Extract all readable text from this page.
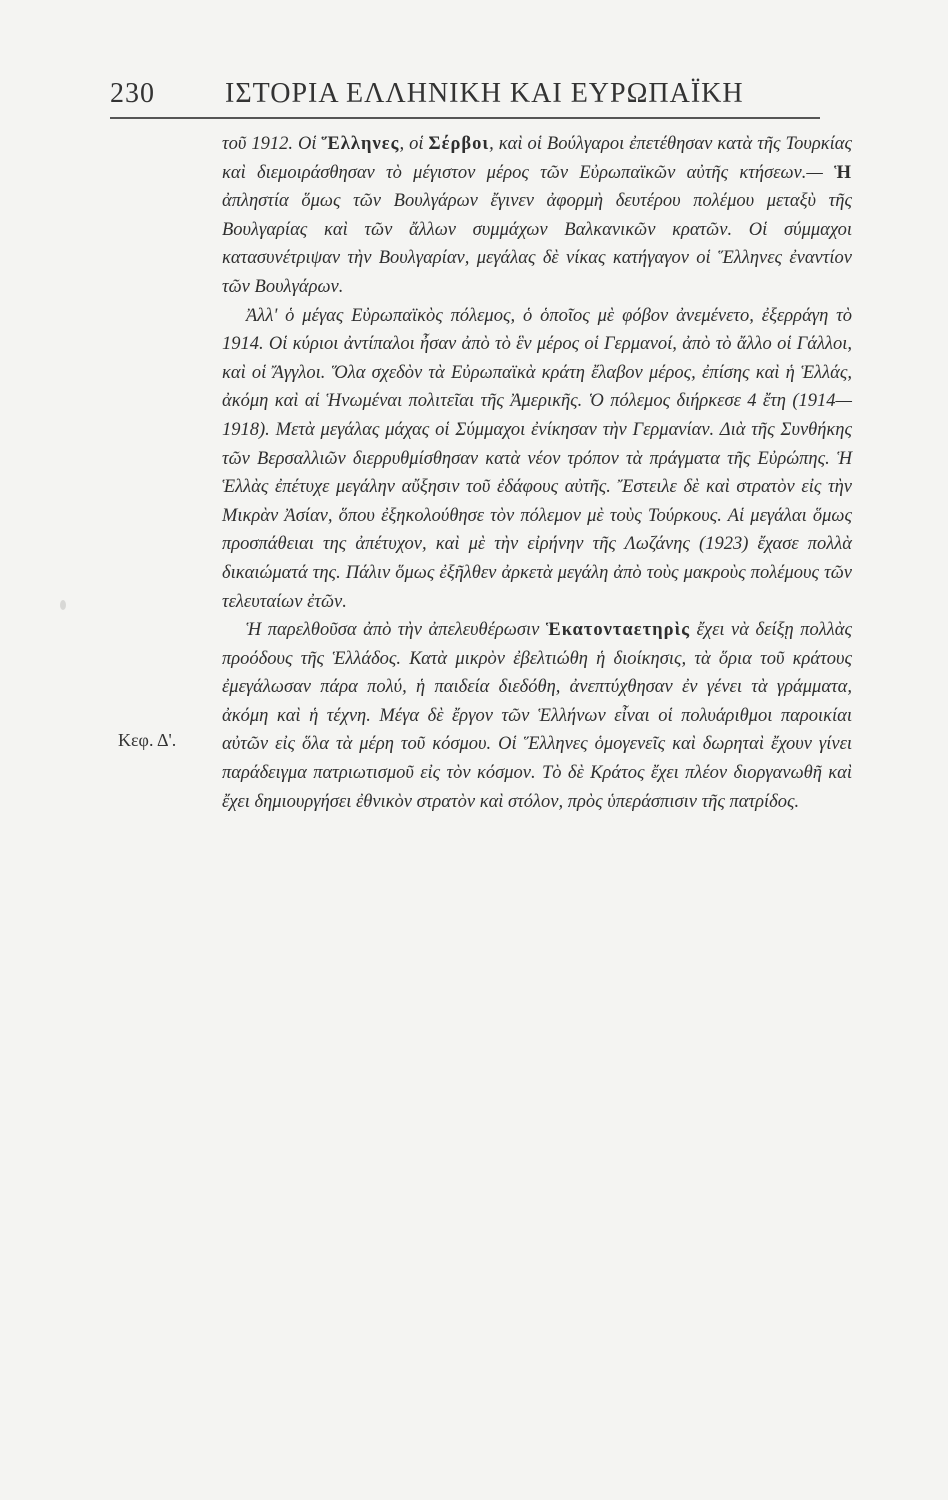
230	ΙΣΤΟΡΙΑ ΕΛΛΗΝΙΚΗ ΚΑΙ ΕΥΡΩΠΑΪΚΗ
Κεφ. Δ'.

τοῦ 1912. Οἱ Ἕλληνες, οἱ Σέρβοι, καὶ οἱ Βούλγαροι ἐπετέθησαν κατὰ τῆς Τουρκίας καὶ διεμοιράσθησαν τὸ μέγιστον μέρος τῶν Εὐρωπαϊκῶν αὐτῆς κτήσεων.— Ἡ ἀπληστία ὅμως τῶν Βουλγάρων ἔγινεν ἀφορμὴ δευτέρου πολέμου μεταξὺ τῆς Βουλγαρίας καὶ τῶν ἄλλων συμμάχων Βαλκανικῶν κρατῶν. Οἱ σύμμαχοι κατασυνέτριψαν τὴν Βουλγαρίαν, μεγάλας δὲ νίκας κατήγαγον οἱ Ἕλληνες ἐναντίον τῶν Βουλγάρων.

Ἀλλ' ὁ μέγας Εὐρωπαϊκὸς πόλεμος, ὁ ὁποῖος μὲ φόβον ἀνεμένετο, ἐξερράγη τὸ 1914. Οἱ κύριοι ἀντίπαλοι ἦσαν ἀπὸ τὸ ἓν μέρος οἱ Γερμανοί, ἀπὸ τὸ ἄλλο οἱ Γάλλοι, καὶ οἱ Ἄγγλοι. Ὅλα σχεδὸν τὰ Εὐρωπαϊκὰ κράτη ἔλαβον μέρος, ἐπίσης καὶ ἡ Ἑλλάς, ἀκόμη καὶ αἱ Ἡνωμέναι πολιτεῖαι τῆς Ἀμερικῆς. Ὁ πόλεμος διήρκεσε 4 ἔτη (1914—1918). Μετὰ μεγάλας μάχας οἱ Σύμμαχοι ἐνίκησαν τὴν Γερμανίαν. Διὰ τῆς Συνθήκης τῶν Βερσαλλιῶν διερρυθμίσθησαν κατὰ νέον τρόπον τὰ πράγματα τῆς Εὐρώπης. Ἡ Ἑλλὰς ἐπέτυχε μεγάλην αὔξησιν τοῦ ἐδάφους αὐτῆς. Ἔστειλε δὲ καὶ στρατὸν εἰς τὴν Μικρὰν Ἀσίαν, ὅπου ἐξηκολούθησε τὸν πόλεμον μὲ τοὺς Τούρκους. Αἱ μεγάλαι ὅμως προσπάθειαι της ἀπέτυχον, καὶ μὲ τὴν εἰρήνην τῆς Λωζάνης (1923) ἔχασε πολλὰ δικαιώματά της. Πάλιν ὅμως ἐξῆλθεν ἀρκετὰ μεγάλη ἀπὸ τοὺς μακροὺς πολέμους τῶν τελευταίων ἐτῶν.

Ἡ παρελθοῦσα ἀπὸ τὴν ἀπελευθέρωσιν Ἑκατονταετηρὶς ἔχει νὰ δείξῃ πολλὰς προόδους τῆς Ἑλλάδος. Κατὰ μικρὸν ἐβελτιώθη ἡ διοίκησις, τὰ ὅρια τοῦ κράτους ἐμεγάλωσαν πάρα πολύ, ἡ παιδεία διεδόθη, ἀνεπτύχθησαν ἐν γένει τὰ γράμματα, ἀκόμη καὶ ἡ τέχνη. Μέγα δὲ ἔργον τῶν Ἑλλήνων εἶναι οἱ πολυάριθμοι παροικίαι αὐτῶν εἰς ὅλα τὰ μέρη τοῦ κόσμου. Οἱ Ἕλληνες ὁμογενεῖς καὶ δωρηταὶ ἔχουν γίνει παράδειγμα πατριωτισμοῦ εἰς τὸν κόσμον. Τὸ δὲ Κράτος ἔχει πλέον διοργανωθῆ καὶ ἔχει δημιουργήσει ἐθνικὸν στρατὸν καὶ στόλον, πρὸς ὑπεράσπισιν τῆς πατρίδος.
